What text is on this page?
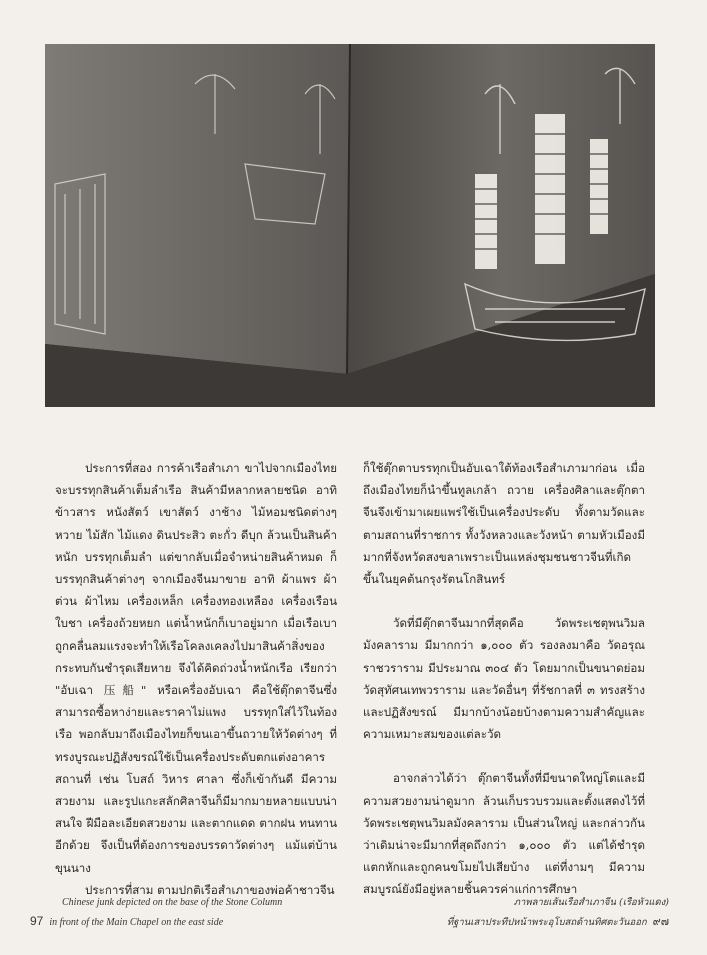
ประการที่สอง การค้าเรือสำเภา ขาไปจากเมืองไทย จะบรรทุกสินค้าเต็มลำเรือ สินค้ามีหลากหลายชนิด อาทิ ข้าวสาร หนังสัตว์ เขาสัตว์ งาช้าง ไม้หอมชนิดต่างๆ หวาย ไม้สัก ไม้แดง ดินประสิว ตะกั่ว ดีบุก ล้วนเป็นสินค้าหนัก บรรทุกเต็มลำ แต่ขากลับเมื่อจำหน่ายสินค้าหมด ก็บรรทุกสินค้าต่างๆ จากเมืองจีนมาขาย อาทิ ผ้าแพร ผ้าต่วน ผ้าไหม เครื่องเหล็ก เครื่องทองเหลือง เครื่องเรือน ใบชา เครื่องถ้วยหยก แต่น้ำหนักก็เบาอยู่มาก เมื่อเรือเบาถูกคลื่นลมแรงจะทำให้เรือโคลงเคลงไปมาสินค้าสิ่งของกระทบกันชำรุดเสียหาย จึงได้คิดถ่วงน้ำหนักเรือ เรียกว่า "อับเฉา 压船" หรือเครื่องอับเฉา คือใช้ตุ๊กตาจีนซึ่งสามารถซื้อหาง่ายและราคาไม่แพง บรรทุกใส่ไว้ในท้องเรือ พอกลับมาถึงเมืองไทยก็ขนเอาขึ้นถวายให้วัดต่างๆ ที่ทรงบูรณะปฏิสังขรณ์ใช้เป็นเครื่องประดับตกแต่งอาคารสถานที่ เช่น โบสถ์ วิหาร ศาลา ซึ่งก็เข้ากันดี มีความสวยงาม และรูปแกะสลักศิลาจีนก็มีมากมายหลายแบบน่าสนใจ ฝีมือละเอียดสวยงาม และตากแดด ตากฝน ทนทานอีกด้วย จึงเป็นที่ต้องการของบรรดาวัดต่างๆ แม้แต่บ้านขุนนาง

ประการที่สาม ตามปกติเรือสำเภาของพ่อค้าชาวจีน

ก็ใช้ตุ๊กตาบรรทุกเป็นอับเฉาใต้ท้องเรือสำเภามาก่อน เมื่อถึงเมืองไทยก็นำขึ้นทูลเกล้า ถวาย เครื่องศิลาและตุ๊กตาจีนจึงเข้ามาเผยแพร่ใช้เป็นเครื่องประดับ ทั้งตามวัดและตามสถานที่ราชการ ทั้งวังหลวงและวังหน้า ตามหัวเมืองมีมากที่จังหวัดสงขลาเพราะเป็นแหล่งชุมชนชาวจีนที่เกิดขึ้นในยุคต้นกรุงรัตนโกสินทร์

วัดที่มีตุ๊กตาจีนมากที่สุดคือ วัดพระเชตุพนวิมลมังคลาราม มีมากกว่า ๑,๐๐๐ ตัว รองลงมาคือ วัดอรุณราชวราราม มีประมาณ ๓๐๔ ตัว โดยมากเป็นขนาดย่อม วัดสุทัศนเทพวราราม และวัดอื่นๆ ที่รัชกาลที่ ๓ ทรงสร้างและปฏิสังขรณ์ มีมากบ้างน้อยบ้างตามความสำคัญและความเหมาะสมของแต่ละวัด

อาจกล่าวได้ว่า ตุ๊กตาจีนทั้งที่มีขนาดใหญ่โตและมีความสวยงามน่าดูมาก ล้วนเก็บรวบรวมและตั้งแสดงไว้ที่วัดพระเชตุพนวิมลมังคลาราม เป็นส่วนใหญ่ และกล่าวกันว่าเดิมน่าจะมีมากที่สุดถึงกว่า ๑,๐๐๐ ตัว แต่ได้ชำรุดแตกหักและถูกคนขโมยไปเสียบ้าง แต่ที่งามๆ มีความสมบูรณ์ยังมีอยู่หลายชิ้นควรค่าแก่การศึกษา

Chinese junk depicted on the base of the Stone Column
97 in front of the Main Chapel on the east side
ภาพลายเส้นเรือสำเภาจีน (เรือหัวแดง)
ที่ฐานเสาประทีปหน้าพระอุโบสถด้านทิศตะวันออก ๙๗
